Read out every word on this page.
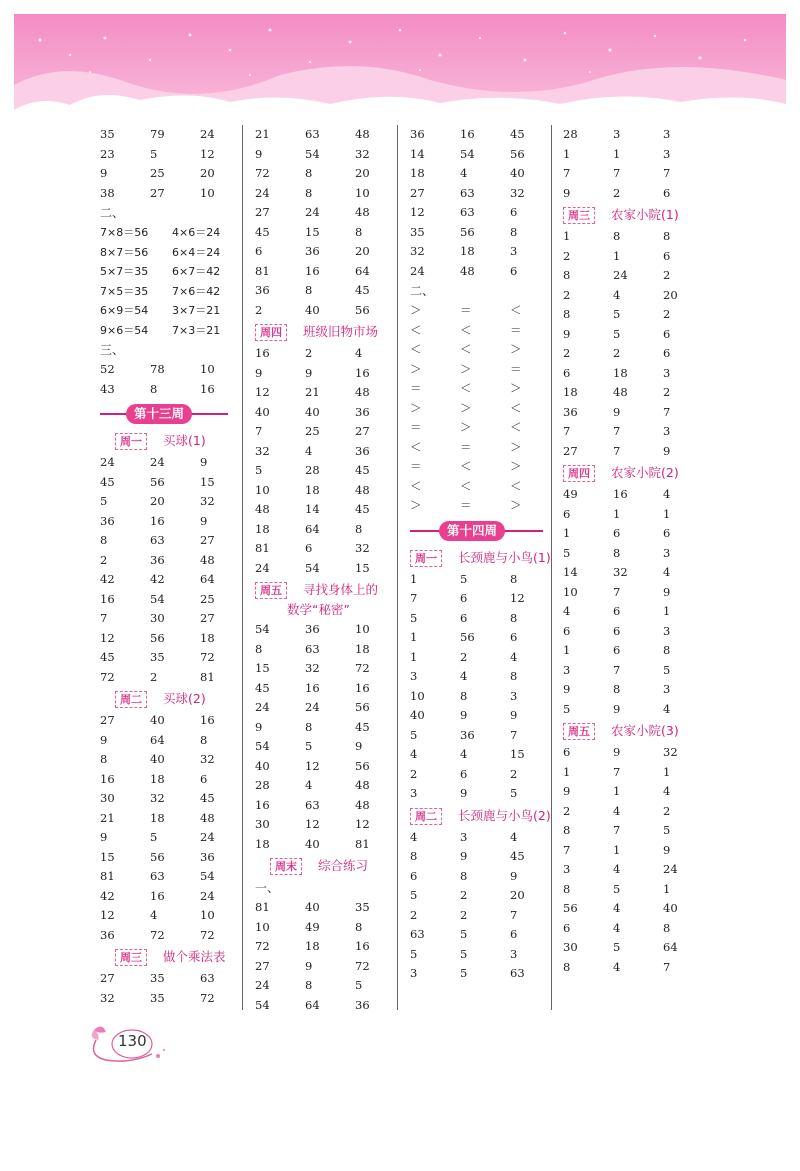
35	79	24
23	5	12
9	25	20
38	27	10
二、
7×8＝56 4×6＝24
8×7＝56 6×4＝24
5×7＝35 6×7＝42
7×5＝35 7×6＝42
6×9＝54 3×7＝21
9×6＝54 7×3＝21
三、
52	78	10
43	8	16
第十三周
周一	买球(1)
24	24	9
45	56	15
5	20	32
36	16	9
8	63	27
2	36	48
42	42	64
16	54	25
7	30	27
12	56	18
45	35	72
72	2	81
周二	买球(2)
27	40	16
9	64	8
8	40	32
16	18	6
30	32	45
21	18	48
9	5	24
15	56	36
81	63	54
42	16	24
12	4	10
36	72	72
周三	做个乘法表
27	35	63
32	35	72
21	63	48
9	54	32
72	8	20
24	8	10
27	24	48
45	15	8
6	36	20
81	16	64
36	8	45
2	40	56
周四	班级旧物市场
16	2	4
9	9	16
12	21	48
40	40	36
7	25	27
32	4	36
5	28	45
10	18	48
48	14	45
18	64	8
81	6	32
24	54	15
周五	寻找身体上的
数学“秘密”
54	36	10
8	63	18
15	32	72
45	16	16
24	24	56
9	8	45
54	5	9
40	12	56
28	4	48
16	63	48
30	12	12
18	40	81
周末	综合练习
一、
81	40	35
10	49	8
72	18	16
27	9	72
24	8	5
54	64	36
36	16	45
14	54	56
18	4	40
27	63	32
12	63	6
35	56	8
32	18	3
24	48	6
二、
＞	＝	＜
＜	＜	＝
＜	＜	＞
＞	＞	＝
＝	＜	＞
＞	＞	＜
＝	＞	＜
＜	＝	＞
＝	＜	＞
＜	＜	＜
＞	＝	＞
第十四周
周一	长颈鹿与小鸟(1)
1	5	8
7	6	12
5	6	8
1	56	6
1	2	4
3	4	8
10	8	3
40	9	9
5	36	7
4	4	15
2	6	2
3	9	5
周二	长颈鹿与小鸟(2)
4	3	4
8	9	45
6	8	9
5	2	20
2	2	7
63	5	6
5	5	3
3	5	63
28	3	3
1	1	3
7	7	7
9	2	6
周三	农家小院(1)
1	8	8
2	1	6
8	24	2
2	4	20
8	5	2
9	5	6
2	2	6
6	18	3
18	48	2
36	9	7
7	7	3
27	7	9
周四	农家小院(2)
49	16	4
6	1	1
1	6	6
5	8	3
14	32	4
10	7	9
4	6	1
6	6	3
1	6	8
3	7	5
9	8	3
5	9	4
周五	农家小院(3)
6	9	32
1	7	1
9	1	4
2	4	2
8	7	5
7	1	9
3	4	24
8	5	1
56	4	40
6	4	8
30	5	64
8	4	7
130
